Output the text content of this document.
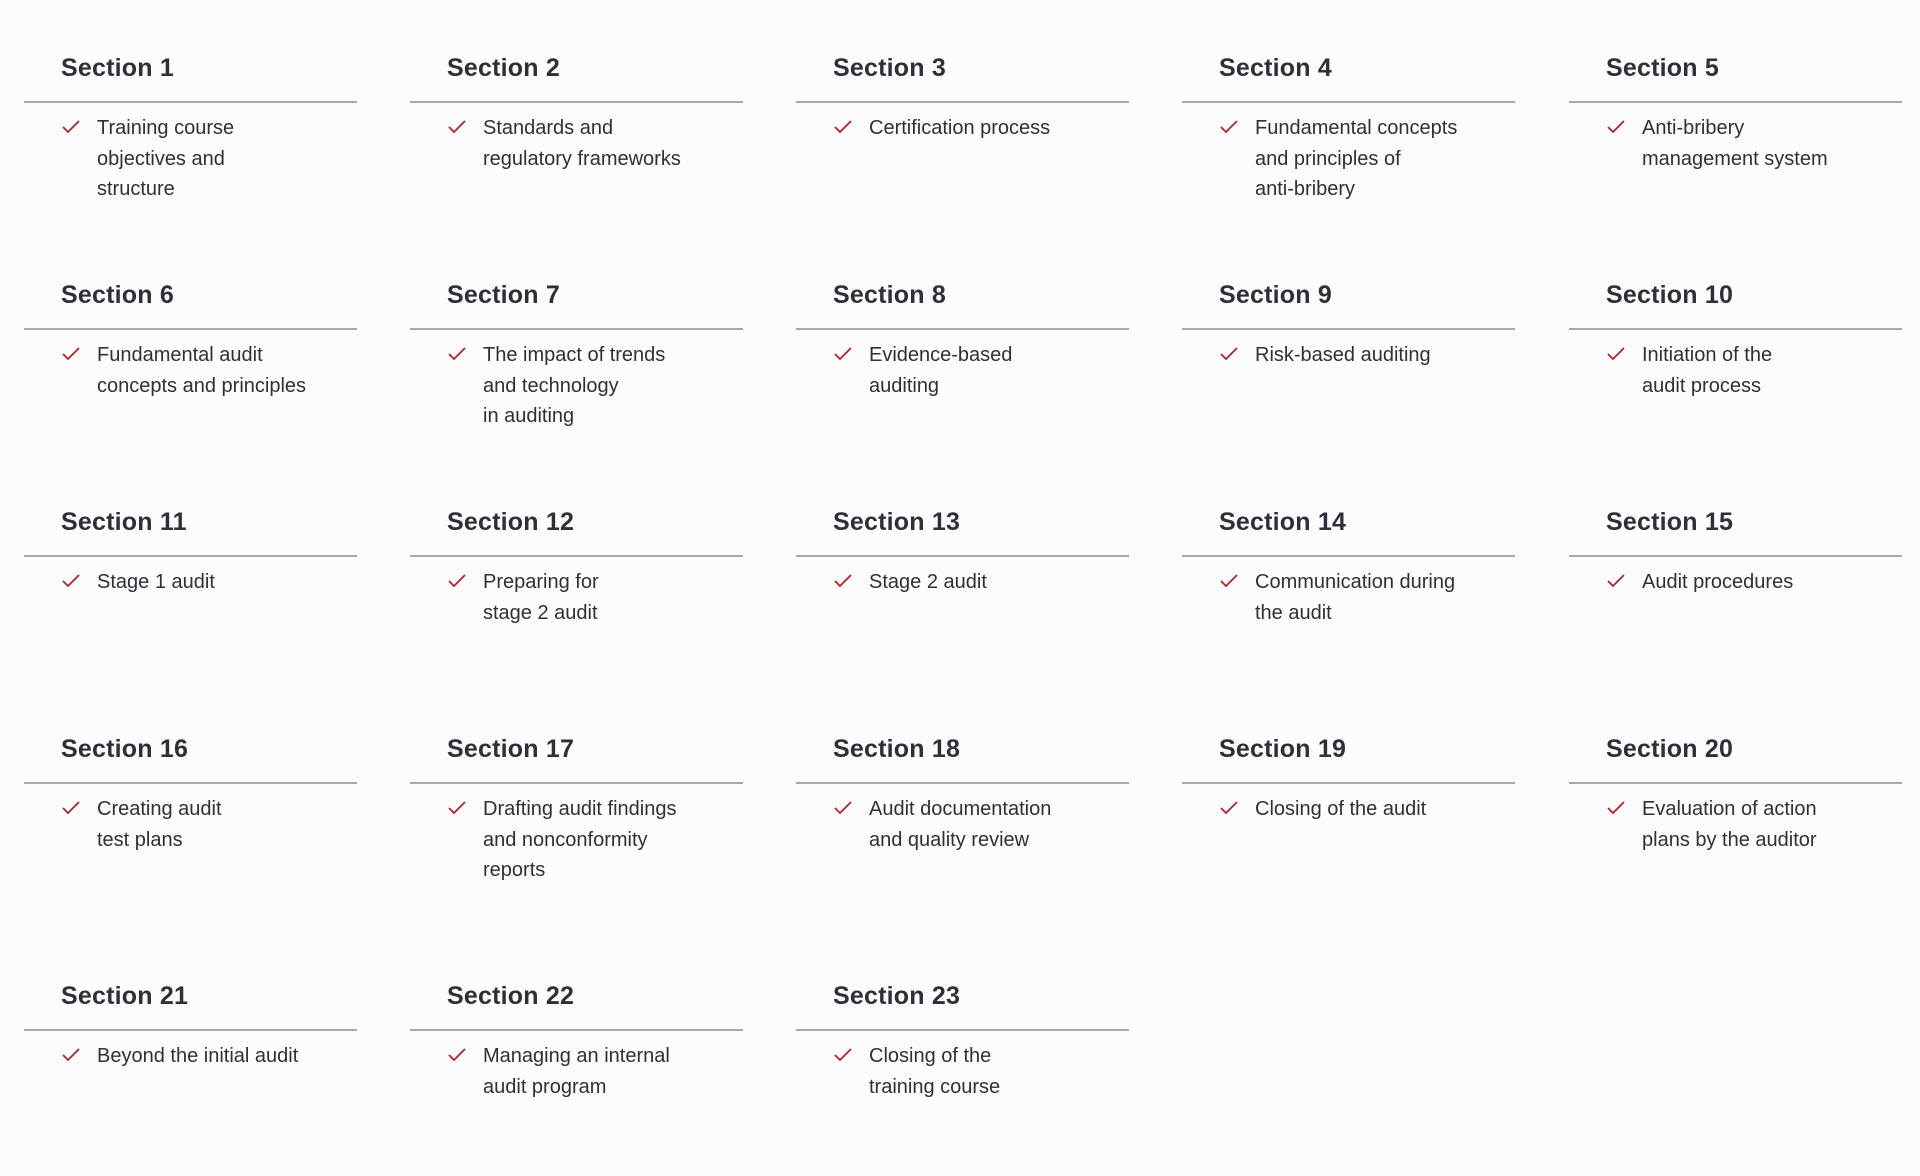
Section 1
Training course
objectives and
structure
Section 2
Standards and
regulatory frameworks
Section 3
Certification process
Section 4
Fundamental concepts
and principles of
anti-bribery
Section 5
Anti-bribery
management system
Section 6
Fundamental audit
concepts and principles
Section 7
The impact of trends
and technology
in auditing
Section 8
Evidence-based
auditing
Section 9
Risk-based auditing
Section 10
Initiation of the
audit process
Section 11
Stage 1 audit
Section 12
Preparing for
stage 2 audit
Section 13
Stage 2 audit
Section 14
Communication during
the audit
Section 15
Audit procedures
Section 16
Creating audit
test plans
Section 17
Drafting audit findings
and nonconformity
reports
Section 18
Audit documentation
and quality review
Section 19
Closing of the audit
Section 20
Evaluation of action
plans by the auditor
Section 21
Beyond the initial audit
Section 22
Managing an internal
audit program
Section 23
Closing of the
training course
